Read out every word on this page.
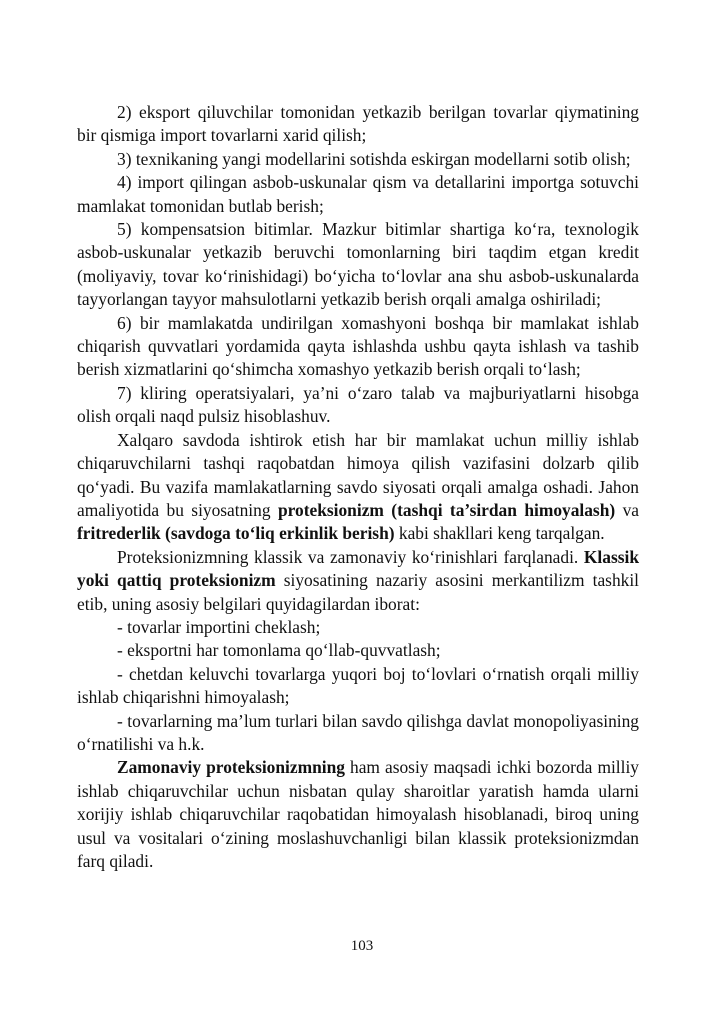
2) eksport qiluvchilar tomonidan yetkazib berilgan tovarlar qiymatining bir qismiga import tovarlarni xarid qilish;

3) texnikaning yangi modellarini sotishda eskirgan modellarni sotib olish;

4) import qilingan asbob-uskunalar qism va detallarini importga sotuvchi mamlakat tomonidan butlab berish;

5) kompensatsion bitimlar. Mazkur bitimlar shartiga ko‘ra, texnologik asbob-uskunalar yetkazib beruvchi tomonlarning biri taqdim etgan kredit (moliyaviy, tovar ko‘rinishidagi) bo‘yicha to‘lovlar ana shu asbob-uskunalarda tayyorlangan tayyor mahsulotlarni yetkazib berish orqali amalga oshiriladi;

6) bir mamlakatda undirilgan xomashyoni boshqa bir mamlakat ishlab chiqarish quvvatlari yordamida qayta ishlashda ushbu qayta ishlash va tashib berish xizmatlarini qo‘shimcha xomashyo yetkazib berish orqali to‘lash;

7) kliring operatsiyalari, ya’ni o‘zaro talab va majburiyatlarni hisobga olish orqali naqd pulsiz hisoblashuv.

Xalqaro savdoda ishtirok etish har bir mamlakat uchun milliy ishlab chiqaruvchilarni tashqi raqobatdan himoya qilish vazifasini dolzarb qilib qo‘yadi. Bu vazifa mamlakatlarning savdo siyosati orqali amalga oshadi. Jahon amaliyotida bu siyosatning proteksionizm (tashqi ta’sirdan himoyalash) va fritrederlik (savdoga to‘liq erkinlik berish) kabi shakllari keng tarqalgan.

Proteksionizmning klassik va zamonaviy ko‘rinishlari farqlanadi. Klassik yoki qattiq proteksionizm siyosatining nazariy asosini merkantilizm tashkil etib, uning asosiy belgilari quyidagilardan iborat:

- tovarlar importini cheklash;

- eksportni har tomonlama qo‘llab-quvvatlash;

- chetdan keluvchi tovarlarga yuqori boj to‘lovlari o‘rnatish orqali milliy ishlab chiqarishni himoyalash;

- tovarlarning ma’lum turlari bilan savdo qilishga davlat monopoliyasining o‘rnatilishi va h.k.

Zamonaviy proteksionizmning ham asosiy maqsadi ichki bozorda milliy ishlab chiqaruvchilar uchun nisbatan qulay sharoitlar yaratish hamda ularni xorijiy ishlab chiqaruvchilar raqobatidan himoyalash hisoblanadi, biroq uning usul va vositalari o‘zining moslashuvchanligi bilan klassik proteksionizmdan farq qiladi.

103
